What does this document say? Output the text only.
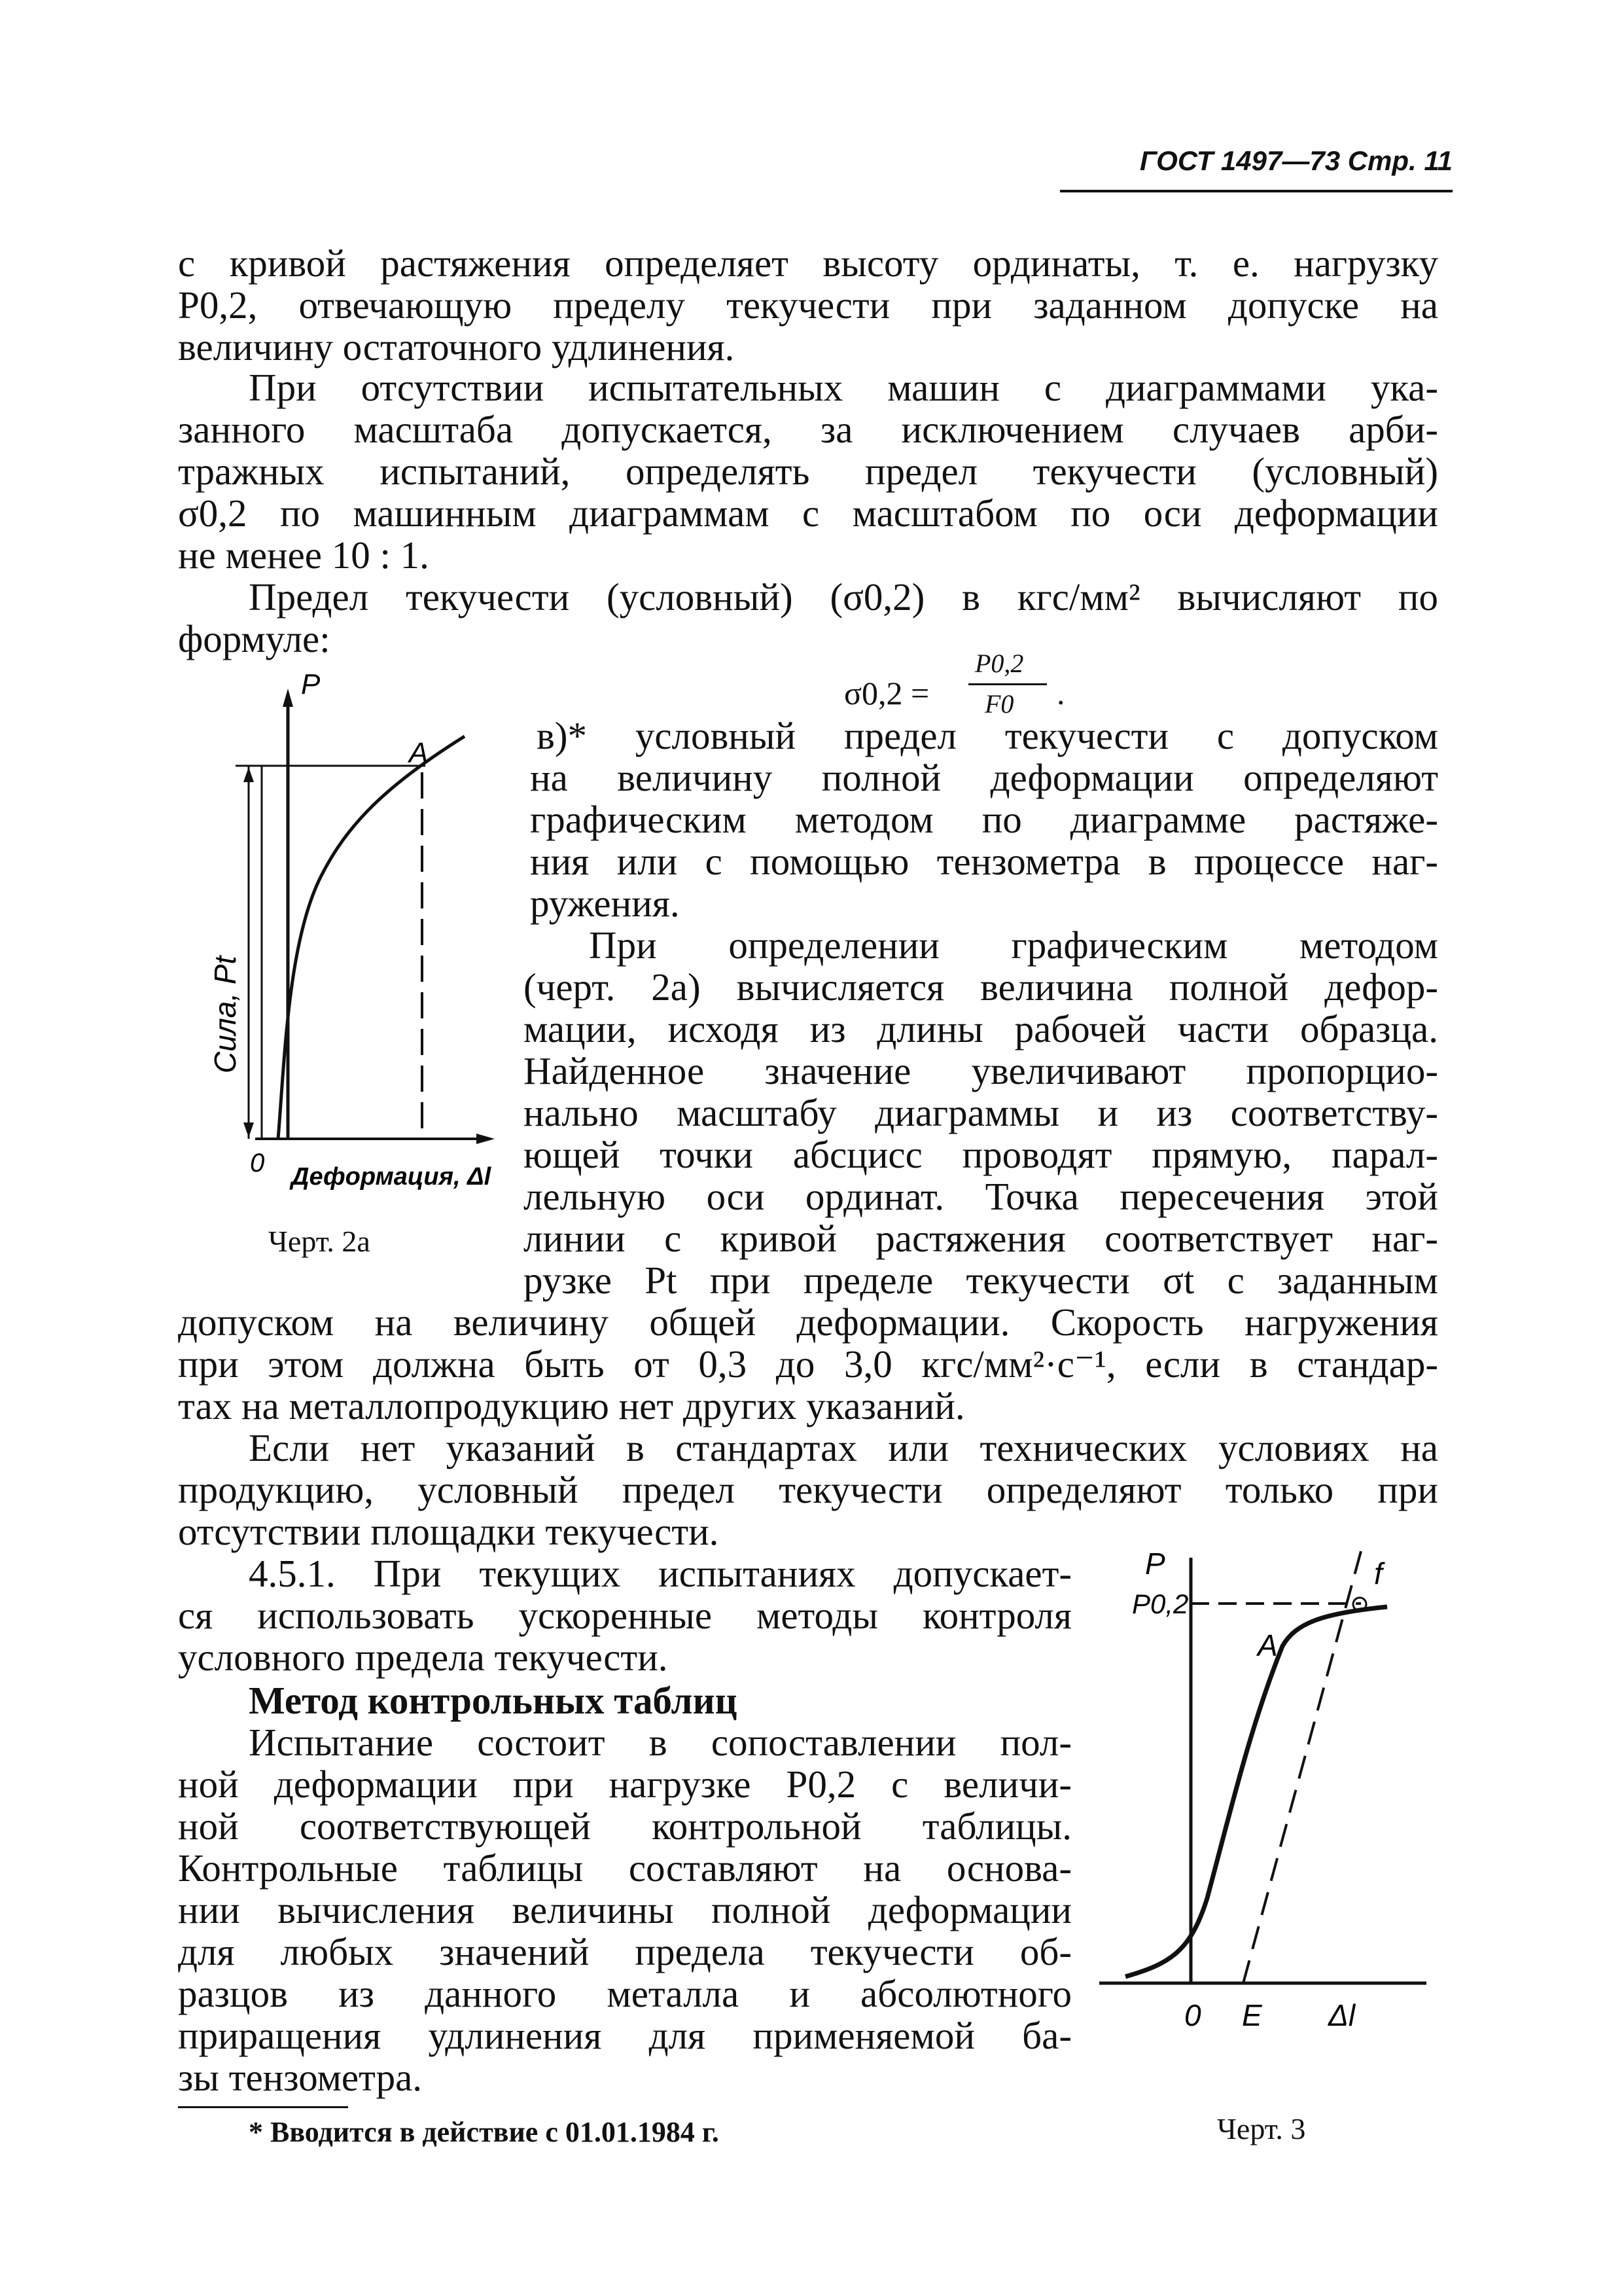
ГОСТ 1497—73 Стр. 11
с кривой растяжения определяет высоту ординаты, т. е. нагрузку
P0,2, отвечающую пределу текучести при заданном допуске на
величину остаточного удлинения.
При отсутствии испытательных машин с диаграммами ука-
занного масштаба допускается, за исключением случаев арби-
тражных испытаний, определять предел текучести (условный)
σ0,2 по машинным диаграммам с масштабом по оси деформации
не менее 10 : 1.
Предел текучести (условный) (σ0,2) в кгс/мм² вычисляют по
формуле:
σ0,2 =
P0,2
F0 .
в)* условный предел текучести с допуском
на величину полной деформации определяют
графическим методом по диаграмме растяже-
ния или с помощью тензометра в процессе наг-
ружения.
При определении графическим методом
(черт. 2а) вычисляется величина полной дефор-
мации, исходя из длины рабочей части образца.
Найденное значение увеличивают пропорцио-
нально масштабу диаграммы и из соответству-
ющей точки абсцисс проводят прямую, парал-
лельную оси ординат. Точка пересечения этой
линии с кривой растяжения соответствует наг-
рузке Pt при пределе текучести σt с заданным
допуском на величину общей деформации. Скорость нагружения
при этом должна быть от 0,3 до 3,0 кгс/мм²·с⁻¹, если в стандар-
тах на металлопродукцию нет других указаний.
Если нет указаний в стандартах или технических условиях на
продукцию, условный предел текучести определяют только при
отсутствии площадки текучести.
4.5.1. При текущих испытаниях допускает-
ся использовать ускоренные методы контроля
условного предела текучести.
Метод контрольных таблиц
Испытание состоит в сопоставлении пол-
ной деформации при нагрузке P0,2 с величи-
ной соответствующей контрольной таблицы.
Контрольные таблицы составляют на основа-
нии вычисления величины полной деформации
для любых значений предела текучести об-
разцов из данного металла и абсолютного
приращения удлинения для применяемой ба-
зы тензометра.
* Вводится в действие с 01.01.1984 г.
P
A
0 Деформация, Δl
Сила, Pt
Черт. 2а
P
P0,2
A
f
0 E Δl
Черт. 3
